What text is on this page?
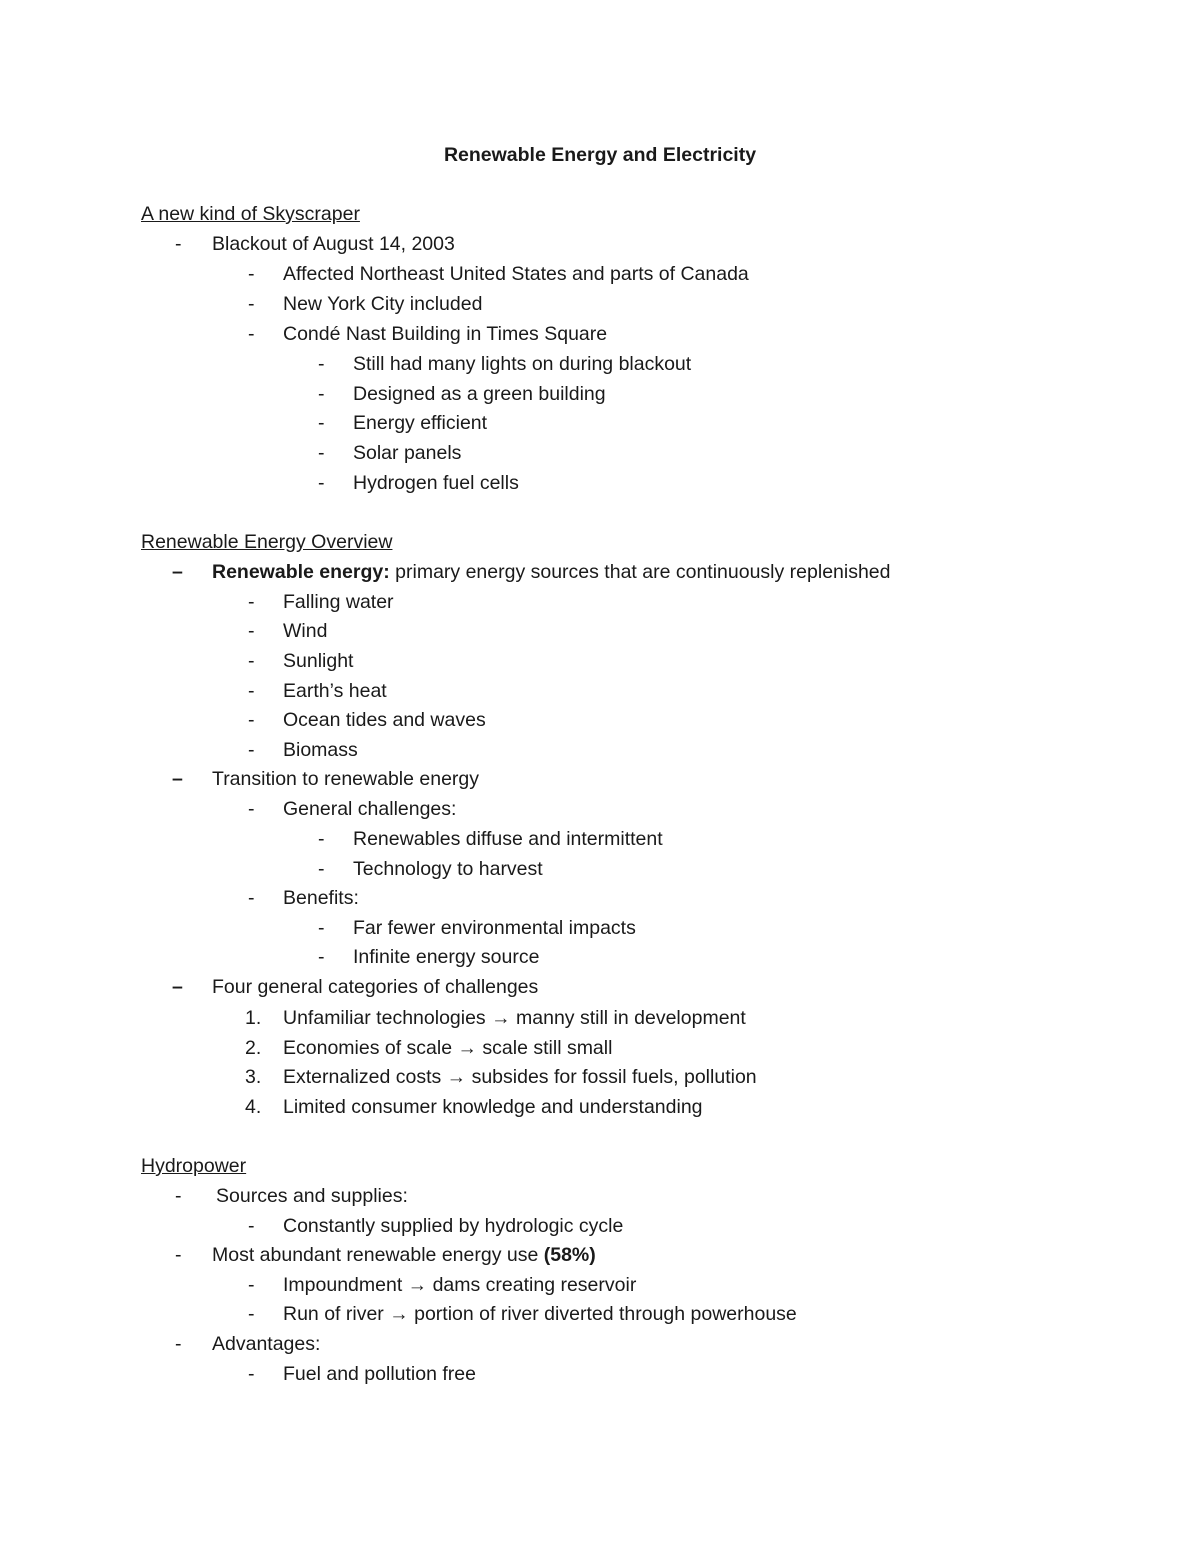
Renewable Energy and Electricity
A new kind of Skyscraper
- Blackout of August 14, 2003
- Affected Northeast United States and parts of Canada
- New York City included
- Condé Nast Building in Times Square
- Still had many lights on during blackout
- Designed as a green building
- Energy efficient
- Solar panels
- Hydrogen fuel cells
Renewable Energy Overview
– Renewable energy: primary energy sources that are continuously replenished
- Falling water
- Wind
- Sunlight
- Earth’s heat
- Ocean tides and waves
- Biomass
– Transition to renewable energy
- General challenges:
- Renewables diffuse and intermittent
- Technology to harvest
- Benefits:
- Far fewer environmental impacts
- Infinite energy source
– Four general categories of challenges
1. Unfamiliar technologies → manny still in development
2. Economies of scale → scale still small
3. Externalized costs → subsides for fossil fuels, pollution
4. Limited consumer knowledge and understanding
Hydropower
- Sources and supplies:
- Constantly supplied by hydrologic cycle
- Most abundant renewable energy use (58%)
- Impoundment → dams creating reservoir
- Run of river → portion of river diverted through powerhouse
- Advantages:
- Fuel and pollution free
